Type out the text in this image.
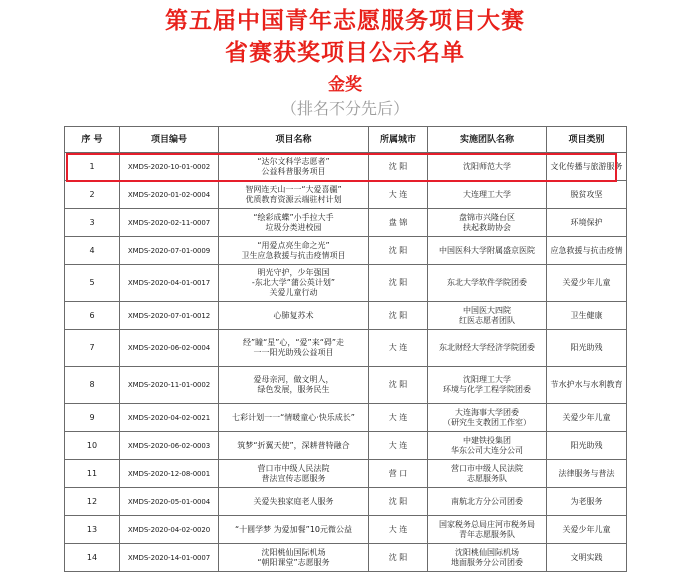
第五届中国青年志愿服务项目大赛
省赛获奖项目公示名单
金奖
（排名不分先后）
序 号	项目编号	项目名称	所属城市	实施团队名称	项目类别
1	XMDS-2020-10-01-0002	“达尔文科学志愿者”
公益科普服务项目	沈 阳	沈阳师范大学	文化传播与旅游服务
2	XMDS-2020-01-02-0004	智网连天山一一“大爱喜疆”
优质教育资源云端驻村计划	大 连	大连理工大学	脱贫攻坚
3	XMDS-2020-02-11-0007	“绘彩成蝶”小手拉大手
垃圾分类进校园	盘 锦	盘锦市兴隆台区
扶起救助协会	环境保护
4	XMDS-2020-07-01-0009	“用爱点亮生命之光”
卫生应急救援与抗击疫情项目	沈 阳	中国医科大学附属盛京医院	应急救援与抗击疫情
5	XMDS-2020-04-01-0017	明光守护，少年强国
-东北大学“蒲公英计划”
关爱儿童行动	沈 阳	东北大学软件学院团委	关爱少年儿童
6	XMDS-2020-07-01-0012	心肺复苏术	沈 阳	中国医大四院
红医志愿者团队	卫生健康
7	XMDS-2020-06-02-0004	经”瞳“星”心，“爱”来“碍”走
一一阳光助残公益项目	大 连	东北财经大学经济学院团委	阳光助残
8	XMDS-2020-11-01-0002	爱母亲河，做文明人，
绿色发展，服务民生	沈 阳	沈阳理工大学
环境与化学工程学院团委	节水护水与水利教育
9	XMDS-2020-04-02-0021	七彩计划一一“情暖童心·快乐成长”	大 连	大连海事大学团委
（研究生支教团工作室）	关爱少年儿童
10	XMDS-2020-06-02-0003	筑梦“折翼天使”，深耕普特融合	大 连	中建铁投集团
华东公司大连分公司	阳光助残
11	XMDS-2020-12-08-0001	营口市中级人民法院
普法宣传志愿服务	营 口	营口市中级人民法院
志愿服务队	法律服务与普法
12	XMDS-2020-05-01-0004	关爱失独家庭老人服务	沈 阳	南航北方分公司团委	为老服务
13	XMDS-2020-04-02-0020	“十圆学梦 为爱加餐”10元微公益	大 连	国家税务总局庄河市税务局
青年志愿服务队	关爱少年儿童
14	XMDS-2020-14-01-0007	沈阳桃仙国际机场
“朝阳课堂”志愿服务	沈 阳	沈阳桃仙国际机场
地面服务分公司团委	文明实践
